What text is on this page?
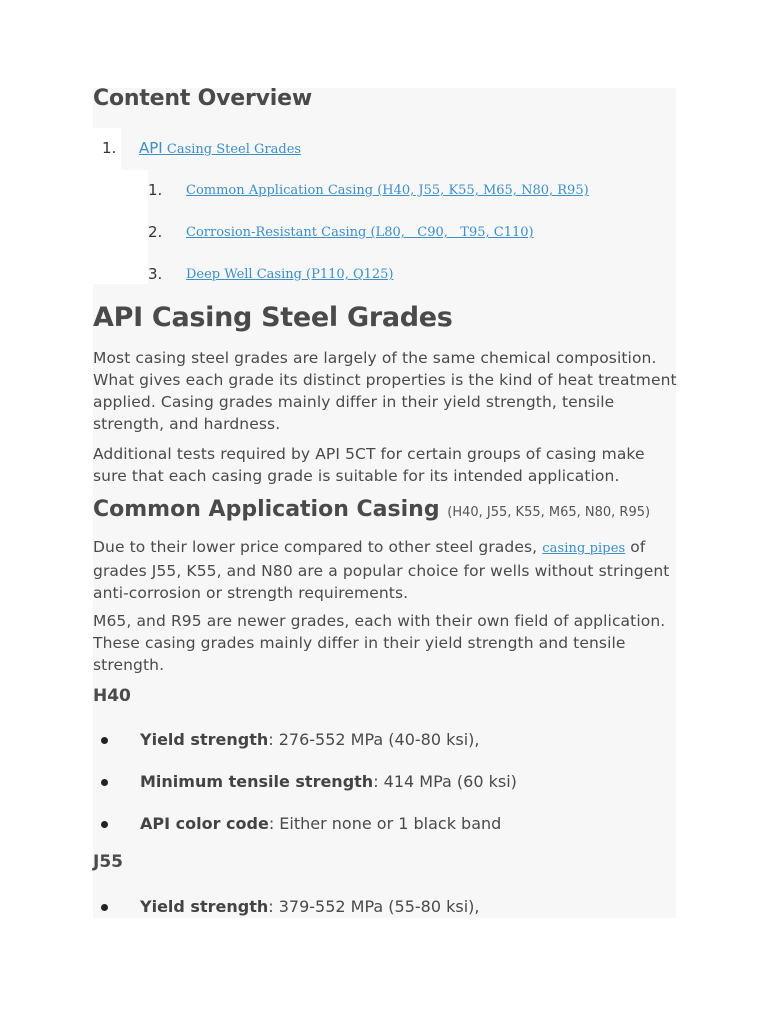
Content Overview
1. API Casing Steel Grades
1. Common Application Casing (H40, J55, K55, M65, N80, R95)
2. Corrosion-Resistant Casing (L80,   C90,   T95, C110)
3. Deep Well Casing (P110, Q125)
API Casing Steel Grades

Most casing steel grades are largely of the same chemical composition. What gives each grade its distinct properties is the kind of heat treatment applied. Casing grades mainly differ in their yield strength, tensile strength, and hardness.

Additional tests required by API 5CT for certain groups of casing make sure that each casing grade is suitable for its intended application.

Common Application Casing (H40, J55, K55, M65, N80, R95)

Due to their lower price compared to other steel grades, casing pipes of grades J55, K55, and N80 are a popular choice for wells without stringent anti-corrosion or strength requirements.

M65, and R95 are newer grades, each with their own field of application. These casing grades mainly differ in their yield strength and tensile strength.

H40
Yield strength: 276-552 MPa (40-80 ksi),
Minimum tensile strength: 414 MPa (60 ksi)
API color code: Either none or 1 black band
J55
Yield strength: 379-552 MPa (55-80 ksi),
